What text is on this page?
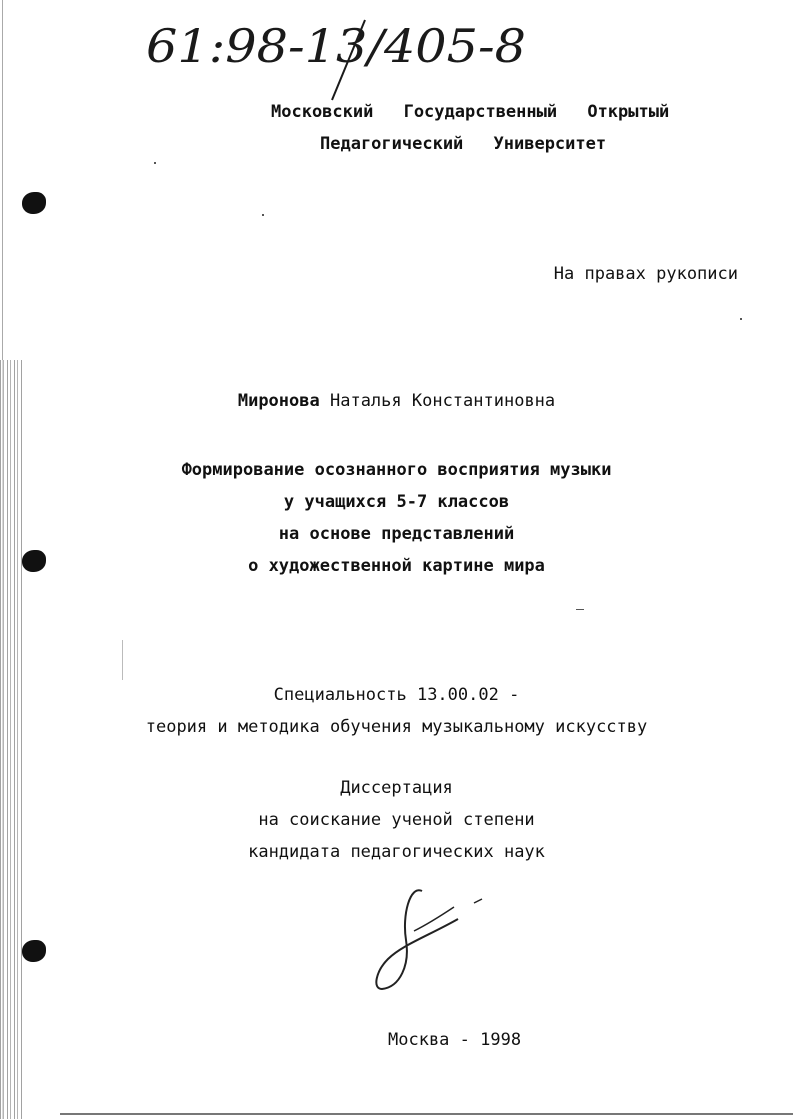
61:98-13/405-8
Московский Государственный Открытый
Педагогический Университет
На правах рукописи
Миронова Наталья Константиновна
Формирование осознанного восприятия музыки
у учащихся 5-7 классов
на основе представлений
о художественной картине мира
Специальность 13.00.02 -
теория и методика обучения музыкальному искусству
Диссертация
на соискание ученой степени
кандидата педагогических наук
Москва - 1998
